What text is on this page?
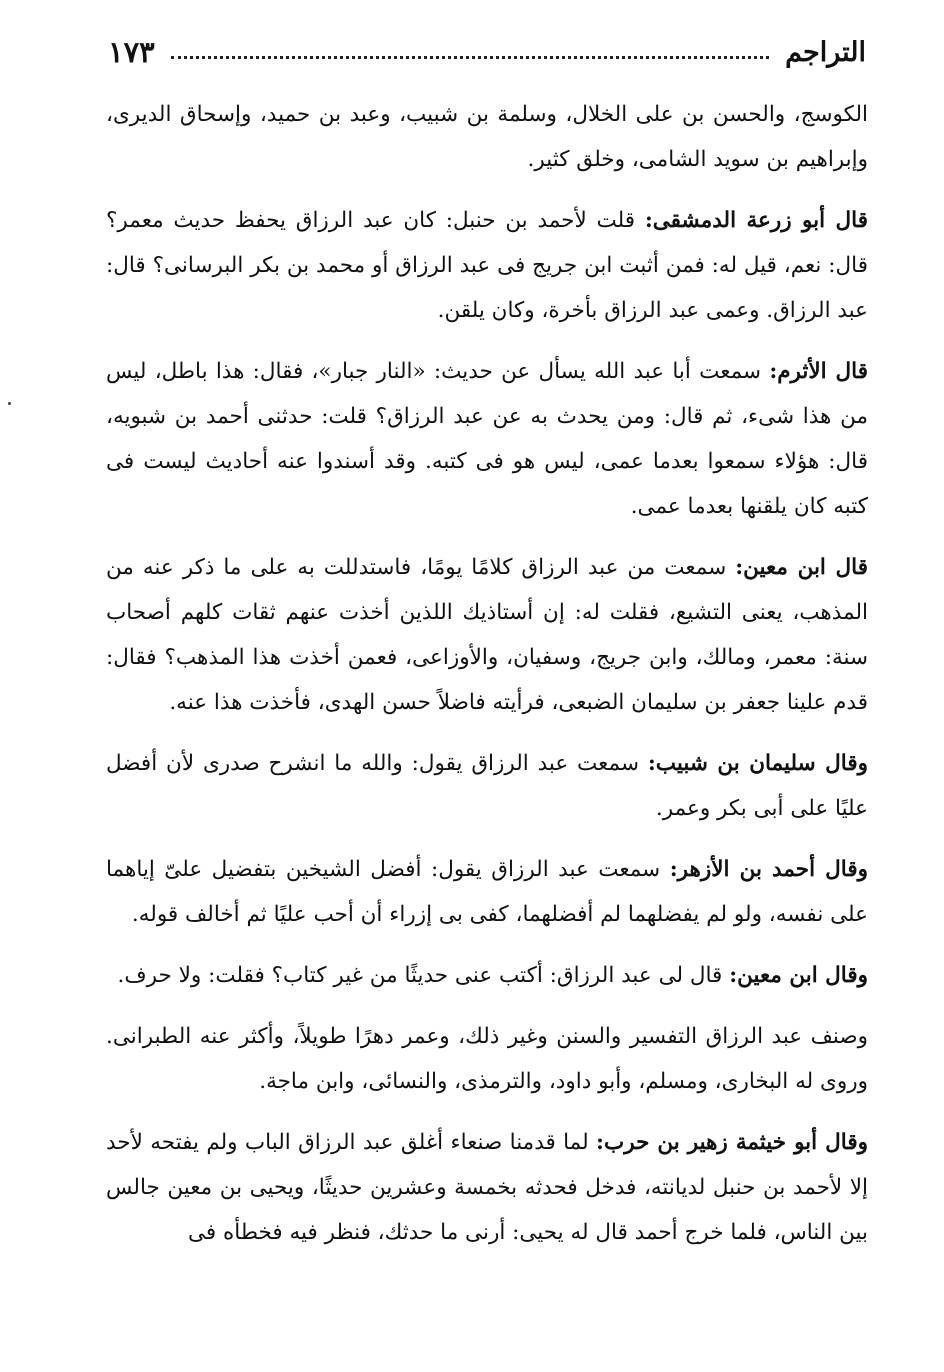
التراجم
١٧٣

الكوسج، والحسن بن على الخلال، وسلمة بن شبيب، وعبد بن حميد، وإسحاق الديرى، وإبراهيم بن سويد الشامى، وخلق كثير.

قال أبو زرعة الدمشقى: قلت لأحمد بن حنبل: كان عبد الرزاق يحفظ حديث معمر؟ قال: نعم، قيل له: فمن أثبت ابن جريج فى عبد الرزاق أو محمد بن بكر البرسانى؟ قال: عبد الرزاق. وعمى عبد الرزاق بأخرة، وكان يلقن.

قال الأثرم: سمعت أبا عبد الله يسأل عن حديث: «النار جبار»، فقال: هذا باطل، ليس من هذا شىء، ثم قال: ومن يحدث به عن عبد الرزاق؟ قلت: حدثنى أحمد بن شبويه، قال: هؤلاء سمعوا بعدما عمى، ليس هو فى كتبه. وقد أسندوا عنه أحاديث ليست فى كتبه كان يلقنها بعدما عمى.

قال ابن معين: سمعت من عبد الرزاق كلامًا يومًا، فاستدللت به على ما ذكر عنه من المذهب، يعنى التشيع، فقلت له: إن أستاذيك اللذين أخذت عنهم ثقات كلهم أصحاب سنة: معمر، ومالك، وابن جريج، وسفيان، والأوزاعى، فعمن أخذت هذا المذهب؟ فقال: قدم علينا جعفر بن سليمان الضبعى، فرأيته فاضلاً حسن الهدى، فأخذت هذا عنه.

وقال سليمان بن شبيب: سمعت عبد الرزاق يقول: والله ما انشرح صدرى لأن أفضل عليًا على أبى بكر وعمر.

وقال أحمد بن الأزهر: سمعت عبد الرزاق يقول: أفضل الشيخين بتفضيل علىّ إياهما على نفسه، ولو لم يفضلهما لم أفضلهما، كفى بى إزراء أن أحب عليًا ثم أخالف قوله.

وقال ابن معين: قال لى عبد الرزاق: أكتب عنى حديثًا من غير كتاب؟ فقلت: ولا حرف.

وصنف عبد الرزاق التفسير والسنن وغير ذلك، وعمر دهرًا طويلاً، وأكثر عنه الطبرانى. وروى له البخارى، ومسلم، وأبو داود، والترمذى، والنسائى، وابن ماجة.

وقال أبو خيثمة زهير بن حرب: لما قدمنا صنعاء أغلق عبد الرزاق الباب ولم يفتحه لأحد إلا لأحمد بن حنبل لديانته، فدخل فحدثه بخمسة وعشرين حديثًا، ويحيى بن معين جالس بين الناس، فلما خرج أحمد قال له يحيى: أرنى ما حدثك، فنظر فيه فخطأه فى
